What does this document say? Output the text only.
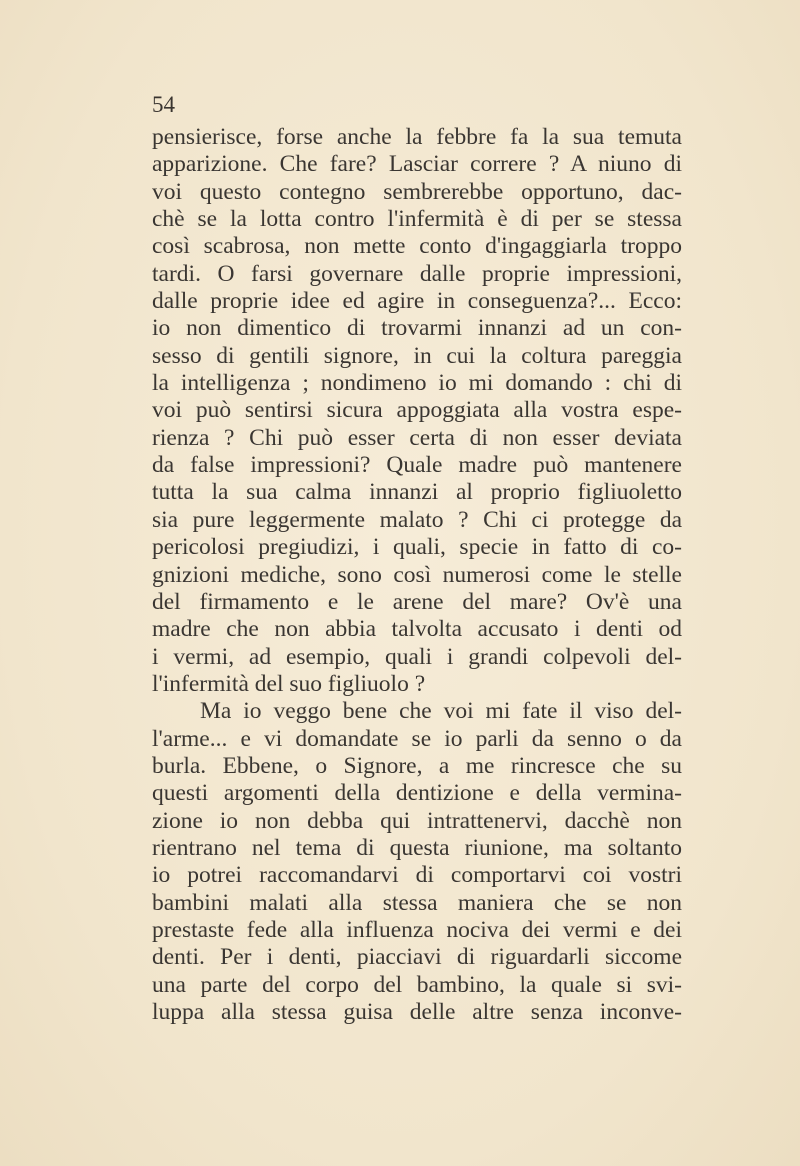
54
pensierisce, forse anche la febbre fa la sua temuta
apparizione. Che fare? Lasciar correre ? A niuno di
voi questo contegno sembrerebbe opportuno, dac-
chè se la lotta contro l'infermità è di per se stessa
così scabrosa, non mette conto d'ingaggiarla troppo
tardi. O farsi governare dalle proprie impressioni,
dalle proprie idee ed agire in conseguenza?... Ecco:
io non dimentico di trovarmi innanzi ad un con-
sesso di gentili signore, in cui la coltura pareggia
la intelligenza ; nondimeno io mi domando : chi di
voi può sentirsi sicura appoggiata alla vostra espe-
rienza ? Chi può esser certa di non esser deviata
da false impressioni? Quale madre può mantenere
tutta la sua calma innanzi al proprio figliuoletto
sia pure leggermente malato ? Chi ci protegge da
pericolosi pregiudizi, i quali, specie in fatto di co-
gnizioni mediche, sono così numerosi come le stelle
del firmamento e le arene del mare? Ov'è una
madre che non abbia talvolta accusato i denti od
i vermi, ad esempio, quali i grandi colpevoli del-
l'infermità del suo figliuolo ?
Ma io veggo bene che voi mi fate il viso del-
l'arme... e vi domandate se io parli da senno o da
burla. Ebbene, o Signore, a me rincresce che su
questi argomenti della dentizione e della vermina-
zione io non debba qui intrattenervi, dacchè non
rientrano nel tema di questa riunione, ma soltanto
io potrei raccomandarvi di comportarvi coi vostri
bambini malati alla stessa maniera che se non
prestaste fede alla influenza nociva dei vermi e dei
denti. Per i denti, piacciavi di riguardarli siccome
una parte del corpo del bambino, la quale si svi-
luppa alla stessa guisa delle altre senza inconve-
